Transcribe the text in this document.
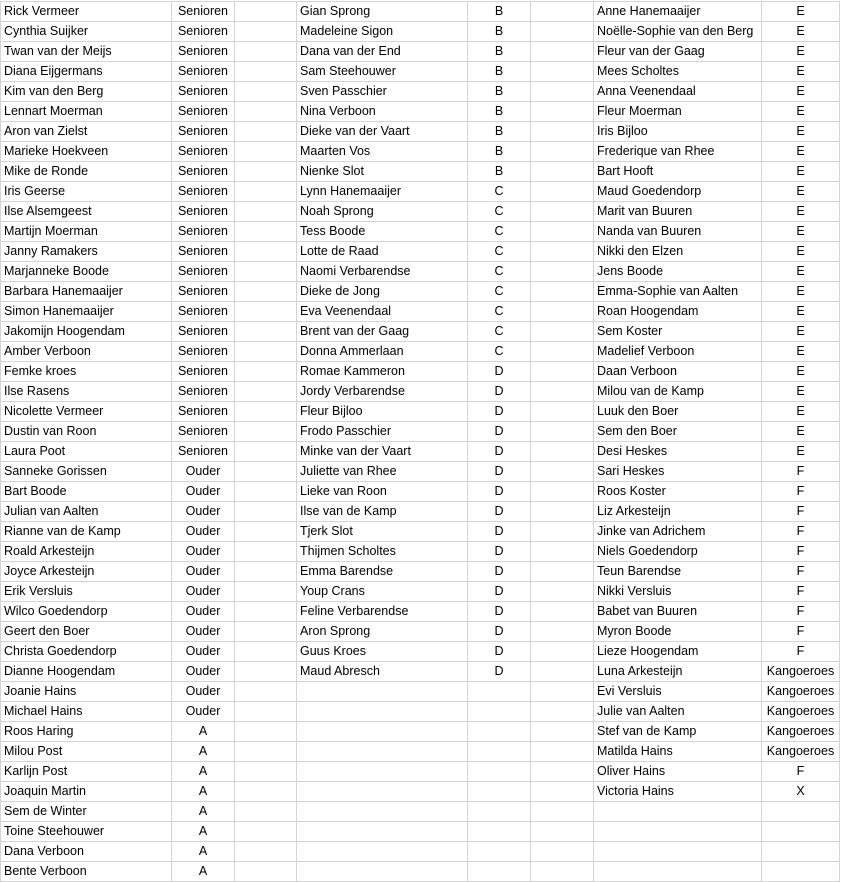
Rick Vermeer	Senioren		Gian Sprong	B		Anne Hanemaaijer	E
Cynthia Suijker	Senioren		Madeleine Sigon	B		Noëlle-Sophie van den Berg	E
Twan van der Meijs	Senioren		Dana van der End	B		Fleur van der Gaag	E
Diana Eijgermans	Senioren		Sam Steehouwer	B		Mees Scholtes	E
Kim van den Berg	Senioren		Sven Passchier	B		Anna Veenendaal	E
Lennart Moerman	Senioren		Nina Verboon	B		Fleur Moerman	E
Aron van Zielst	Senioren		Dieke van der Vaart	B		Iris Bijloo	E
Marieke Hoekveen	Senioren		Maarten Vos	B		Frederique van Rhee	E
Mike de Ronde	Senioren		Nienke Slot	B		Bart Hooft	E
Iris Geerse	Senioren		Lynn Hanemaaijer	C		Maud Goedendorp	E
Ilse Alsemgeest	Senioren		Noah Sprong	C		Marit van Buuren	E
Martijn Moerman	Senioren		Tess Boode	C		Nanda van Buuren	E
Janny Ramakers	Senioren		Lotte de Raad	C		Nikki den Elzen	E
Marjanneke Boode	Senioren		Naomi Verbarendse	C		Jens Boode	E
Barbara Hanemaaijer	Senioren		Dieke de Jong	C		Emma-Sophie van Aalten	E
Simon Hanemaaijer	Senioren		Eva Veenendaal	C		Roan Hoogendam	E
Jakomijn Hoogendam	Senioren		Brent van der Gaag	C		Sem Koster	E
Amber Verboon	Senioren		Donna Ammerlaan	C		Madelief Verboon	E
Femke kroes	Senioren		Romae Kammeron	D		Daan Verboon	E
Ilse Rasens	Senioren		Jordy Verbarendse	D		Milou van de Kamp	E
Nicolette Vermeer	Senioren		Fleur Bijloo	D		Luuk den Boer	E
Dustin van Roon	Senioren		Frodo Passchier	D		Sem den Boer	E
Laura Poot	Senioren		Minke van der Vaart	D		Desi Heskes	E
Sanneke Gorissen	Ouder		Juliette van Rhee	D		Sari Heskes	F
Bart Boode	Ouder		Lieke van Roon	D		Roos Koster	F
Julian van Aalten	Ouder		Ilse van de Kamp	D		Liz Arkesteijn	F
Rianne van de Kamp	Ouder		Tjerk Slot	D		Jinke van Adrichem	F
Roald Arkesteijn	Ouder		Thijmen Scholtes	D		Niels Goedendorp	F
Joyce Arkesteijn	Ouder		Emma Barendse	D		Teun Barendse	F
Erik Versluis	Ouder		Youp Crans	D		Nikki Versluis	F
Wilco Goedendorp	Ouder		Feline Verbarendse	D		Babet van Buuren	F
Geert den Boer	Ouder		Aron Sprong	D		Myron Boode	F
Christa Goedendorp	Ouder		Guus Kroes	D		Lieze Hoogendam	F
Dianne Hoogendam	Ouder		Maud Abresch	D		Luna Arkesteijn	Kangoeroes
Joanie Hains	Ouder					Evi Versluis	Kangoeroes
Michael Hains	Ouder					Julie van Aalten	Kangoeroes
Roos Haring	A					Stef van de Kamp	Kangoeroes
Milou Post	A					Matilda Hains	Kangoeroes
Karlijn Post	A					Oliver Hains	F
Joaquin Martin	A					Victoria Hains	X
Sem de Winter	A						
Toine Steehouwer	A						
Dana Verboon	A						
Bente Verboon	A						
